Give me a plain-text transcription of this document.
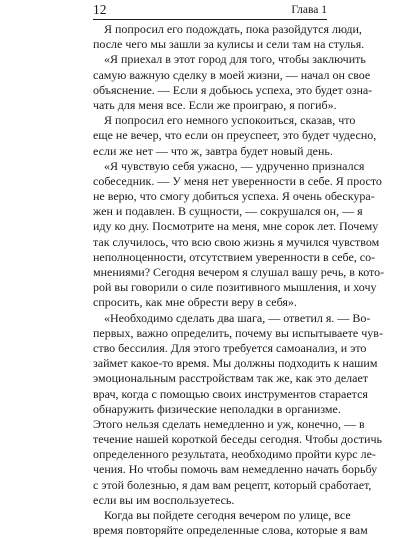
12	Глава 1
Я попросил его подождать, пока разойдутся люди,
после чего мы зашли за кулисы и сели там на стулья.
«Я приехал в этот город для того, чтобы заключить
самую важную сделку в моей жизни, — начал он свое
объяснение. — Если я добьюсь успеха, это будет озна-
чать для меня все. Если же проиграю, я погиб».
Я попросил его немного успокоиться, сказав, что
еще не вечер, что если он преуспеет, это будет чудесно,
если же нет — что ж, завтра будет новый день.
«Я чувствую себя ужасно, — удрученно признался
собеседник. — У меня нет уверенности в себе. Я просто
не верю, что смогу добиться успеха. Я очень обескура-
жен и подавлен. В сущности, — сокрушался он, — я
иду ко дну. Посмотрите на меня, мне сорок лет. Почему
так случилось, что всю свою жизнь я мучился чувством
неполноценности, отсутствием уверенности в себе, со-
мнениями? Сегодня вечером я слушал вашу речь, в кото-
рой вы говорили о силе позитивного мышления, и хочу
спросить, как мне обрести веру в себя».
«Необходимо сделать два шага, — ответил я. — Во-
первых, важно определить, почему вы испытываете чув-
ство бессилия. Для этого требуется самоанализ, и это
займет какое-то время. Мы должны подходить к нашим
эмоциональным расстройствам так же, как это делает
врач, когда с помощью своих инструментов старается
обнаружить физические неполадки в организме.
Этого нельзя сделать немедленно и уж, конечно, — в
течение нашей короткой беседы сегодня. Чтобы достичь
определенного результата, необходимо пройти курс ле-
чения. Но чтобы помочь вам немедленно начать борьбу
с этой болезнью, я дам вам рецепт, который сработает,
если вы им воспользуетесь.
Когда вы пойдете сегодня вечером по улице, все
время повторяйте определенные слова, которые я вам
